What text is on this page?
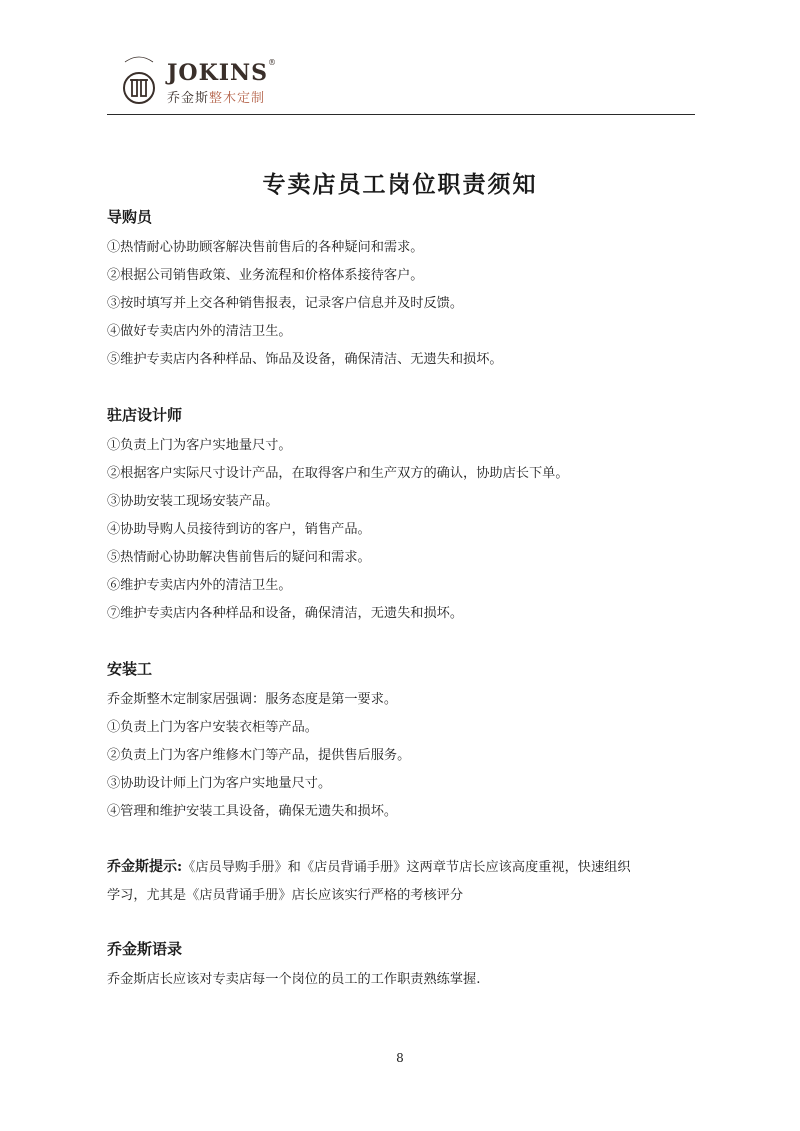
JOKINS®
乔金斯整木定制
专卖店员工岗位职责须知
导购员
①热情耐心协助顾客解决售前售后的各种疑问和需求。
②根据公司销售政策、业务流程和价格体系接待客户。
③按时填写并上交各种销售报表，记录客户信息并及时反馈。
④做好专卖店内外的清洁卫生。
⑤维护专卖店内各种样品、饰品及设备，确保清洁、无遗失和损坏。
驻店设计师
①负责上门为客户实地量尺寸。
②根据客户实际尺寸设计产品，在取得客户和生产双方的确认，协助店长下单。
③协助安装工现场安装产品。
④协助导购人员接待到访的客户，销售产品。
⑤热情耐心协助解决售前售后的疑问和需求。
⑥维护专卖店内外的清洁卫生。
⑦维护专卖店内各种样品和设备，确保清洁，无遗失和损坏。
安装工
乔金斯整木定制家居强调：服务态度是第一要求。
①负责上门为客户安装衣柜等产品。
②负责上门为客户维修木门等产品，提供售后服务。
③协助设计师上门为客户实地量尺寸。
④管理和维护安装工具设备，确保无遗失和损坏。
乔金斯提示:《店员导购手册》和《店员背诵手册》这两章节店长应该高度重视，快速组织
学习，尤其是《店员背诵手册》店长应该实行严格的考核评分
乔金斯语录
乔金斯店长应该对专卖店每一个岗位的员工的工作职责熟练掌握.
8
